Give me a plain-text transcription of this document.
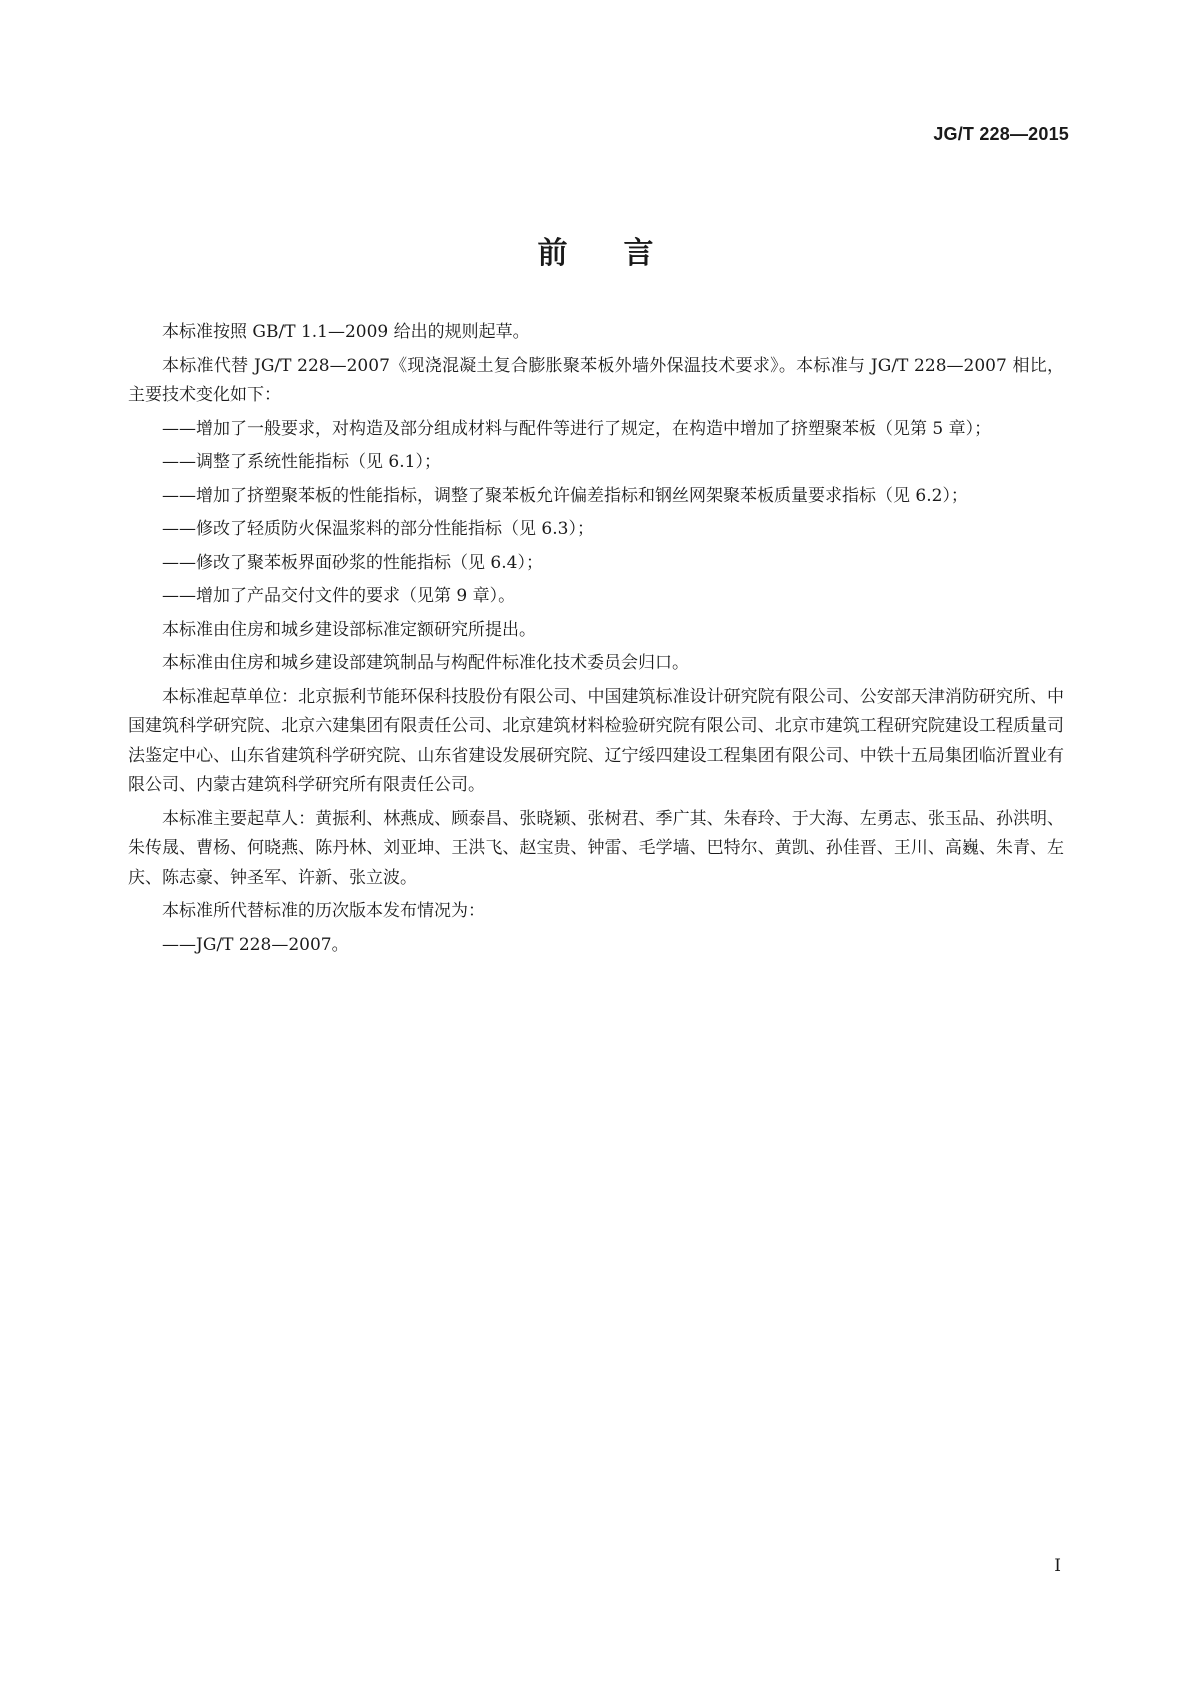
JG/T 228—2015
前言

本标准按照 GB/T 1.1—2009 给出的规则起草。

本标准代替 JG/T 228—2007《现浇混凝土复合膨胀聚苯板外墙外保温技术要求》。本标准与 JG/T 228—2007 相比，主要技术变化如下：

——增加了一般要求，对构造及部分组成材料与配件等进行了规定，在构造中增加了挤塑聚苯板（见第 5 章）；

——调整了系统性能指标（见 6.1）；

——增加了挤塑聚苯板的性能指标，调整了聚苯板允许偏差指标和钢丝网架聚苯板质量要求指标（见 6.2）；

——修改了轻质防火保温浆料的部分性能指标（见 6.3）；

——修改了聚苯板界面砂浆的性能指标（见 6.4）；

——增加了产品交付文件的要求（见第 9 章）。

本标准由住房和城乡建设部标准定额研究所提出。

本标准由住房和城乡建设部建筑制品与构配件标准化技术委员会归口。

本标准起草单位：北京振利节能环保科技股份有限公司、中国建筑标准设计研究院有限公司、公安部天津消防研究所、中国建筑科学研究院、北京六建集团有限责任公司、北京建筑材料检验研究院有限公司、北京市建筑工程研究院建设工程质量司法鉴定中心、山东省建筑科学研究院、山东省建设发展研究院、辽宁绥四建设工程集团有限公司、中铁十五局集团临沂置业有限公司、内蒙古建筑科学研究所有限责任公司。

本标准主要起草人：黄振利、林燕成、顾泰昌、张晓颖、张树君、季广其、朱春玲、于大海、左勇志、张玉品、孙洪明、朱传晟、曹杨、何晓燕、陈丹林、刘亚坤、王洪飞、赵宝贵、钟雷、毛学墙、巴特尔、黄凯、孙佳晋、王川、高巍、朱青、左庆、陈志豪、钟圣军、许新、张立波。

本标准所代替标准的历次版本发布情况为：

——JG/T 228—2007。

I
